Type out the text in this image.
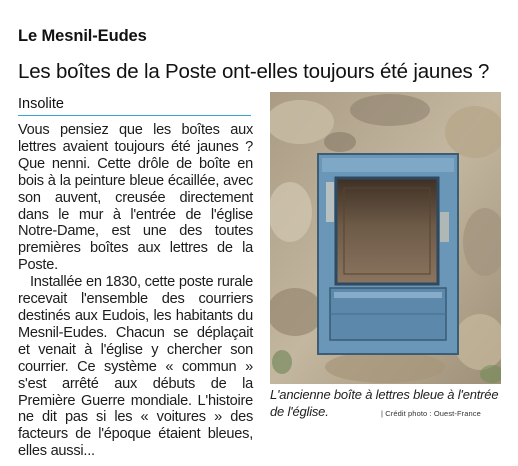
Le Mesnil-Eudes
Les boîtes de la Poste ont-elles toujours été jaunes ?
Insolite

Vous pensiez que les boîtes aux lettres avaient toujours été jaunes ? Que nenni. Cette drôle de boîte en bois à la peinture bleue écaillée, avec son auvent, creusée directement dans le mur à l'entrée de l'église Notre-Dame, est une des toutes premières boîtes aux lettres de la Poste.

Installée en 1830, cette poste rurale recevait l'ensemble des courriers destinés aux Eudois, les habitants du Mesnil-Eudes. Chacun se déplaçait et venait à l'église y chercher son courrier. Ce système « commun » s'est arrêté aux débuts de la Première Guerre mondiale. L'histoire ne dit pas si les « voitures » des facteurs de l'époque étaient bleues, elles aussi...

L'ancienne boîte à lettres bleue à l'entrée de l'église.	| Crédit photo : Ouest-France
